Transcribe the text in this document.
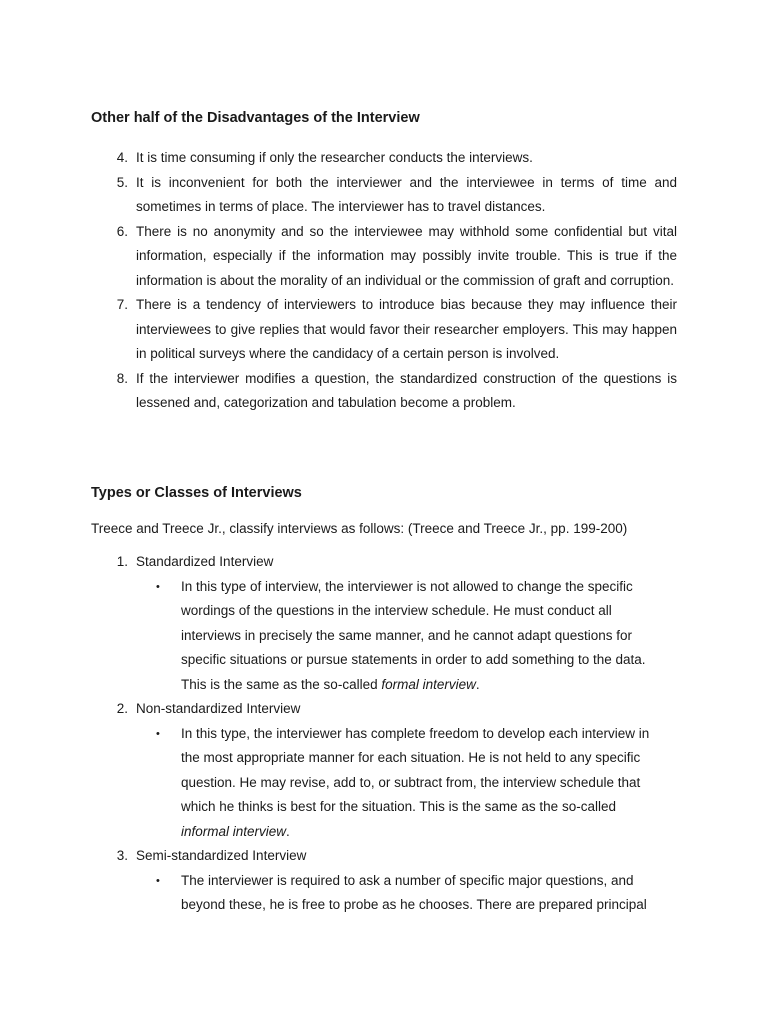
Other half of the Disadvantages of the Interview
4. It is time consuming if only the researcher conducts the interviews.
5. It is inconvenient for both the interviewer and the interviewee in terms of time and sometimes in terms of place. The interviewer has to travel distances.
6. There is no anonymity and so the interviewee may withhold some confidential but vital information, especially if the information may possibly invite trouble. This is true if the information is about the morality of an individual or the commission of graft and corruption.
7. There is a tendency of interviewers to introduce bias because they may influence their interviewees to give replies that would favor their researcher employers. This may happen in political surveys where the candidacy of a certain person is involved.
8. If the interviewer modifies a question, the standardized construction of the questions is lessened and, categorization and tabulation become a problem.
Types or Classes of Interviews

Treece and Treece Jr., classify interviews as follows: (Treece and Treece Jr., pp. 199-200)

1. Standardized Interview
• In this type of interview, the interviewer is not allowed to change the specific wordings of the questions in the interview schedule. He must conduct all interviews in precisely the same manner, and he cannot adapt questions for specific situations or pursue statements in order to add something to the data. This is the same as the so-called formal interview.
2. Non-standardized Interview
• In this type, the interviewer has complete freedom to develop each interview in the most appropriate manner for each situation. He is not held to any specific question. He may revise, add to, or subtract from, the interview schedule that which he thinks is best for the situation. This is the same as the so-called informal interview.
3. Semi-standardized Interview
• The interviewer is required to ask a number of specific major questions, and beyond these, he is free to probe as he chooses. There are prepared principal
